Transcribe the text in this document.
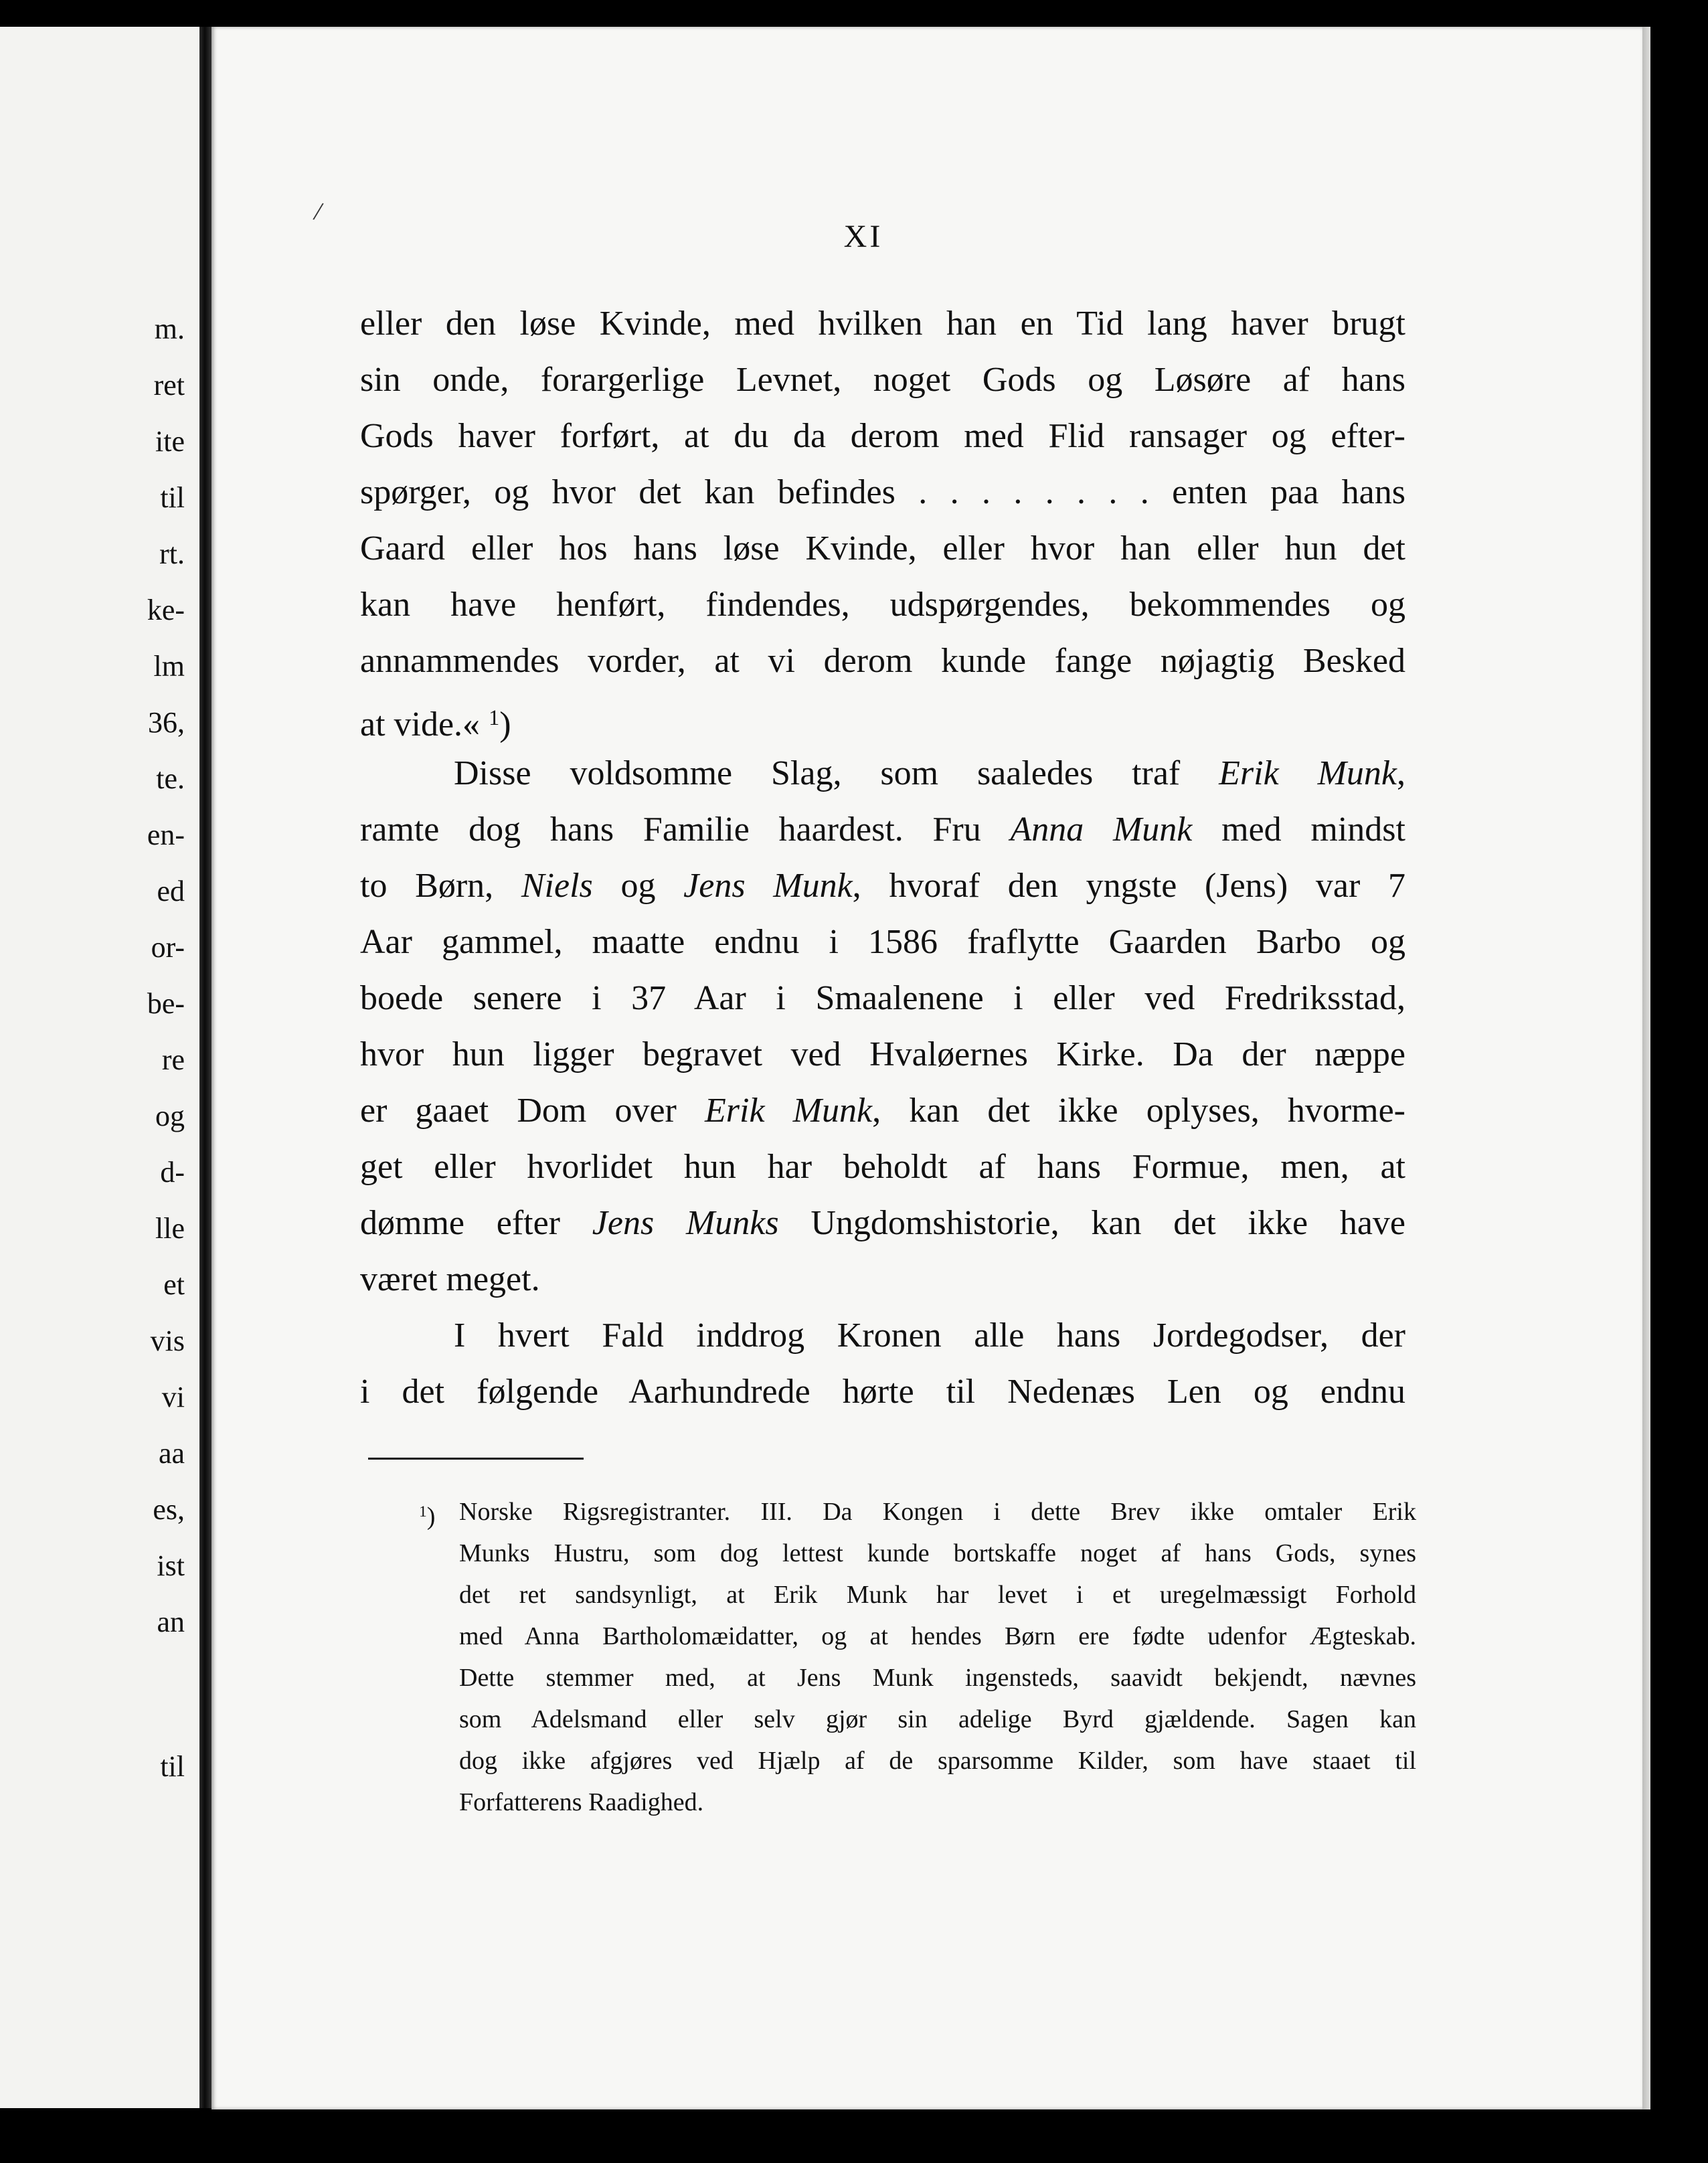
m.
ret
ite
til
rt.
ke-
lm
36,
te.
en-
ed
or-
be-
re
og
d-
lle
et
vis
vi
aa
es,
ist
an
til
/
XI
eller den løse Kvinde, med hvilken han en Tid lang haver brugt
sin onde, forargerlige Levnet, noget Gods og Løsøre af hans
Gods haver forført, at du da derom med Flid ransager og efter-
spørger, og hvor det kan befindes . . . . . . . . enten paa hans
Gaard eller hos hans løse Kvinde, eller hvor han eller hun det
kan have henført, findendes, udspørgendes, bekommendes og
annammendes vorder, at vi derom kunde fange nøjagtig Besked
at vide.« $^1$)
Disse voldsomme Slag, som saaledes traf Erik Munk,
ramte dog hans Familie haardest. Fru Anna Munk med mindst
to Børn, Niels og Jens Munk, hvoraf den yngste (Jens) var 7
Aar gammel, maatte endnu i 1586 fraflytte Gaarden Barbo og
boede senere i 37 Aar i Smaalenene i eller ved Fredriksstad,
hvor hun ligger begravet ved Hvaløernes Kirke. Da der næppe
er gaaet Dom over Erik Munk, kan det ikke oplyses, hvorme-
get eller hvorlidet hun har beholdt af hans Formue, men, at
dømme efter Jens Munks Ungdomshistorie, kan det ikke have
været meget.
I hvert Fald inddrog Kronen alle hans Jordegodser, der
i det følgende Aarhundrede hørte til Nedenæs Len og endnu
$^1$) Norske Rigsregistranter. III. Da Kongen i dette Brev ikke omtaler Erik
Munks Hustru, som dog lettest kunde bortskaffe noget af hans Gods, synes
det ret sandsynligt, at Erik Munk har levet i et uregelmæssigt Forhold
med Anna Bartholomæidatter, og at hendes Børn ere fødte udenfor Ægteskab.
Dette stemmer med, at Jens Munk ingensteds, saavidt bekjendt, nævnes
som Adelsmand eller selv gjør sin adelige Byrd gjældende. Sagen kan
dog ikke afgjøres ved Hjælp af de sparsomme Kilder, som have staaet til
Forfatterens Raadighed.
